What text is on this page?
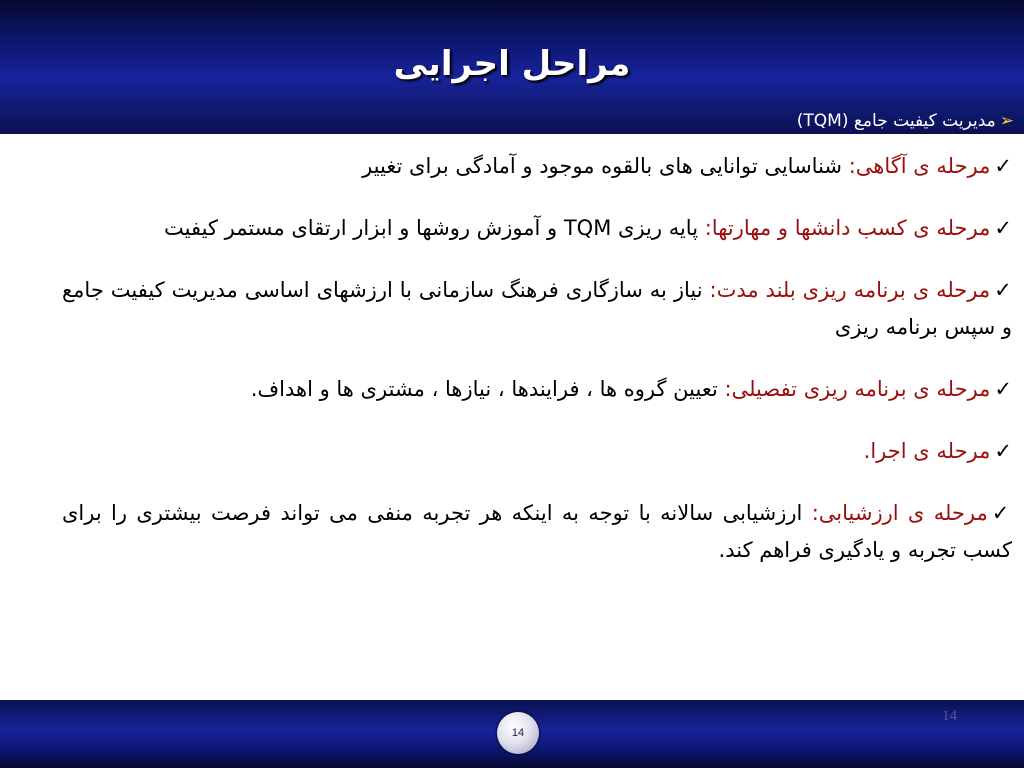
مراحل اجرایی
➢مدیریت کیفیت جامع (TQM)
✓مرحله ی آگاهی: شناسایی توانایی های بالقوه موجود و آمادگی برای تغییر
✓مرحله ی کسب دانشها و مهارتها: پایه ریزی TQM و آموزش روشها و ابزار ارتقای مستمر کیفیت
✓مرحله ی برنامه ریزی بلند مدت: نیاز به سازگاری فرهنگ سازمانی با ارزشهای اساسی مدیریت کیفیت جامع و سپس برنامه ریزی
✓مرحله ی برنامه ریزی تفصیلی: تعیین گروه ها ، فرایندها ، نیازها ، مشتری ها و اهداف.
✓مرحله ی اجرا.
✓مرحله ی ارزشیابی: ارزشیابی سالانه با توجه به اینکه هر تجربه منفی می تواند فرصت بیشتری را برای کسب تجربه و یادگیری فراهم کند.
14
14
